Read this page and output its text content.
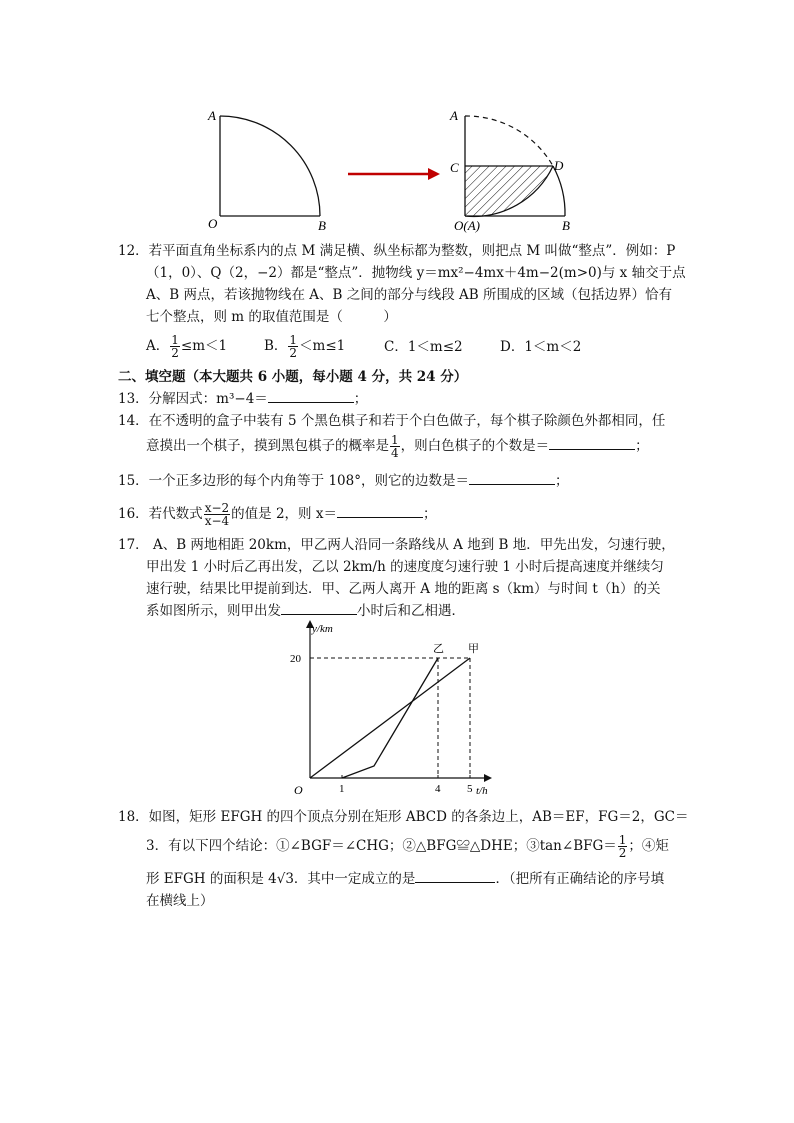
A
O	B
A
C	D
O(A)	B
12．若平面直角坐标系内的点 M 满足横、纵坐标都为整数，则把点 M 叫做“整点”．例如：P
（1，0）、Q（2，−2）都是“整点”．抛物线 y＝mx²−4mx＋4m−2(m>0)与 x 轴交于点
A、B 两点，若该抛物线在 A、B 之间的部分与线段 AB 所围成的区域（包括边界）恰有
七个整点，则 m 的取值范围是（　　　）
A． $\frac{1}{2} \le m<1$	B． $\frac{1}{2} <m\le 1$	C．1＜m≤2	D．1＜m＜2
二、填空题（本大题共 6 小题，每小题 4 分，共 24 分）
13．分解因式：m³−4＝	；
14．在不透明的盒子中装有 5 个黑色棋子和若于个白色做子，每个棋子除颜色外都相同，任
意摸出一个棋子，摸到黑包棋子的概率是 $\frac{1}{4}$ ，则白色棋子的个数是＝	；
15．一个正多边形的每个内角等于 108°，则它的边数是＝	；
16．若代数式 $\frac{x-2}{x-4}$ 的值是 2，则 x＝	；
17． A、B 两地相距 20km，甲乙两人沿同一条路线从 A 地到 B 地．甲先出发，匀速行驶，
甲出发 1 小时后乙再出发，乙以 2km/h 的速度度匀速行驶 1 小时后提高速度并继续匀
速行驶，结果比甲提前到达．甲、乙两人离开 A 地的距离 s（km）与时间 t（h）的关
系如图所示，则甲出发	小时后和乙相遇．
y/km
t/h
O
20
1	4 5
乙 甲
18．如图，矩形 EFGH 的四个顶点分别在矩形 ABCD 的各条边上，AB＝EF，FG＝2，GC＝
3．有以下四个结论：①∠BGF＝∠CHG；②△BFG≌△DHE；③tan∠BFG＝ $\frac{1}{2}$ ；④矩
形 EFGH 的面积是 4√3．其中一定成立的是	．（把所有正确结论的序号填
在横线上）
